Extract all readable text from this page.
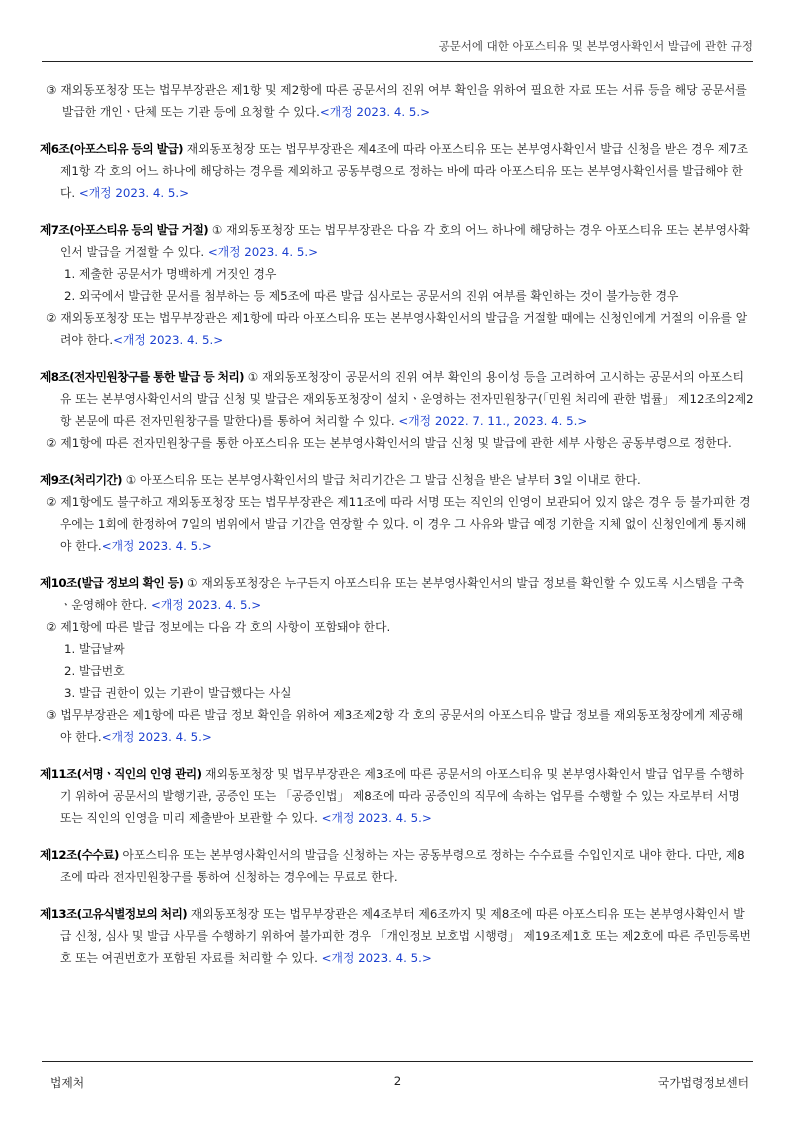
공문서에 대한 아포스티유 및 본부영사확인서 발급에 관한 규정

③ 재외동포청장 또는 법무부장관은 제1항 및 제2항에 따른 공문서의 진위 여부 확인을 위하여 필요한 자료 또는 서류 등을 해당 공문서를 발급한 개인ㆍ단체 또는 기관 등에 요청할 수 있다.<개정 2023. 4. 5.>

제6조(아포스티유 등의 발급) 재외동포청장 또는 법무부장관은 제4조에 따라 아포스티유 또는 본부영사확인서 발급 신청을 받은 경우 제7조제1항 각 호의 어느 하나에 해당하는 경우를 제외하고 공동부령으로 정하는 바에 따라 아포스티유 또는 본부영사확인서를 발급해야 한다. <개정 2023. 4. 5.>

제7조(아포스티유 등의 발급 거절) ① 재외동포청장 또는 법무부장관은 다음 각 호의 어느 하나에 해당하는 경우 아포스티유 또는 본부영사확인서 발급을 거절할 수 있다. <개정 2023. 4. 5.>

1. 제출한 공문서가 명백하게 거짓인 경우

2. 외국에서 발급한 문서를 첨부하는 등 제5조에 따른 발급 심사로는 공문서의 진위 여부를 확인하는 것이 불가능한 경우

② 재외동포청장 또는 법무부장관은 제1항에 따라 아포스티유 또는 본부영사확인서의 발급을 거절할 때에는 신청인에게 거절의 이유를 알려야 한다.<개정 2023. 4. 5.>

제8조(전자민원창구를 통한 발급 등 처리) ① 재외동포청장이 공문서의 진위 여부 확인의 용이성 등을 고려하여 고시하는 공문서의 아포스티유 또는 본부영사확인서의 발급 신청 및 발급은 재외동포청장이 설치ㆍ운영하는 전자민원창구(「민원 처리에 관한 법률」 제12조의2제2항 본문에 따른 전자민원창구를 말한다)를 통하여 처리할 수 있다. <개정 2022. 7. 11., 2023. 4. 5.>

② 제1항에 따른 전자민원창구를 통한 아포스티유 또는 본부영사확인서의 발급 신청 및 발급에 관한 세부 사항은 공동부령으로 정한다.

제9조(처리기간) ① 아포스티유 또는 본부영사확인서의 발급 처리기간은 그 발급 신청을 받은 날부터 3일 이내로 한다.

② 제1항에도 불구하고 재외동포청장 또는 법무부장관은 제11조에 따라 서명 또는 직인의 인영이 보관되어 있지 않은 경우 등 불가피한 경우에는 1회에 한정하여 7일의 범위에서 발급 기간을 연장할 수 있다. 이 경우 그 사유와 발급 예정 기한을 지체 없이 신청인에게 통지해야 한다.<개정 2023. 4. 5.>

제10조(발급 정보의 확인 등) ① 재외동포청장은 누구든지 아포스티유 또는 본부영사확인서의 발급 정보를 확인할 수 있도록 시스템을 구축ㆍ운영해야 한다. <개정 2023. 4. 5.>

② 제1항에 따른 발급 정보에는 다음 각 호의 사항이 포함돼야 한다.

1. 발급날짜

2. 발급번호

3. 발급 권한이 있는 기관이 발급했다는 사실

③ 법무부장관은 제1항에 따른 발급 정보 확인을 위하여 제3조제2항 각 호의 공문서의 아포스티유 발급 정보를 재외동포청장에게 제공해야 한다.<개정 2023. 4. 5.>

제11조(서명ㆍ직인의 인영 관리) 재외동포청장 및 법무부장관은 제3조에 따른 공문서의 아포스티유 및 본부영사확인서 발급 업무를 수행하기 위하여 공문서의 발행기관, 공증인 또는 「공증인법」 제8조에 따라 공증인의 직무에 속하는 업무를 수행할 수 있는 자로부터 서명 또는 직인의 인영을 미리 제출받아 보관할 수 있다. <개정 2023. 4. 5.>

제12조(수수료) 아포스티유 또는 본부영사확인서의 발급을 신청하는 자는 공동부령으로 정하는 수수료를 수입인지로 내야 한다. 다만, 제8조에 따라 전자민원창구를 통하여 신청하는 경우에는 무료로 한다.

제13조(고유식별정보의 처리) 재외동포청장 또는 법무부장관은 제4조부터 제6조까지 및 제8조에 따른 아포스티유 또는 본부영사확인서 발급 신청, 심사 및 발급 사무를 수행하기 위하여 불가피한 경우 「개인정보 보호법 시행령」 제19조제1호 또는 제2호에 따른 주민등록번호 또는 여권번호가 포함된 자료를 처리할 수 있다. <개정 2023. 4. 5.>

법제처	2	국가법령정보센터
